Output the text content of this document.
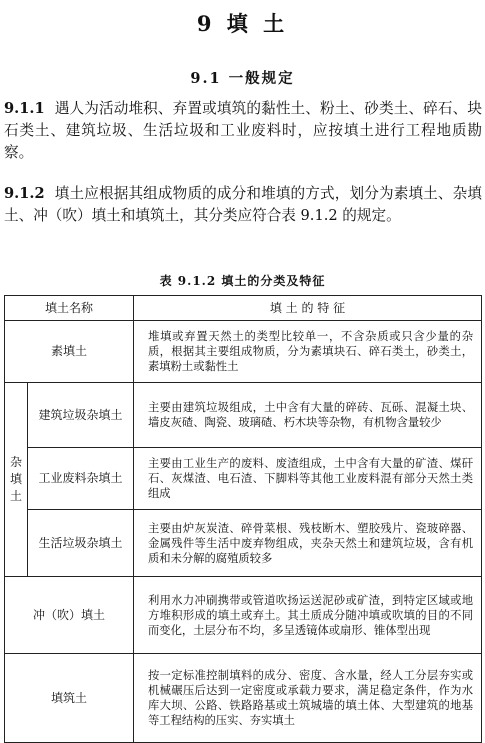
9 填 土
9.1 一般规定
9.1.1 遇人为活动堆积、弃置或填筑的黏性土、粉土、砂类土、碎石、块石类土、建筑垃圾、生活垃圾和工业废料时，应按填土进行工程地质勘察。
9.1.2 填土应根据其组成物质的成分和堆填的方式，划分为素填土、杂填土、冲（吹）填土和填筑土，其分类应符合表 9.1.2 的规定。
表 9.1.2 填土的分类及特征
填土名称		填 土 的 特 征
素填土		堆填或弃置天然土的类型比较单一，不含杂质或只含少量的杂质，根据其主要组成物质，分为素填块石、碎石类土，砂类土，素填粉土或黏性土
杂填土	建筑垃圾杂填土	主要由建筑垃圾组成，土中含有大量的碎砖、瓦砾、混凝土块、墙皮灰碴、陶瓷、玻璃碴、朽木块等杂物，有机物含量较少
	工业废料杂填土	主要由工业生产的废料、废渣组成，土中含有大量的矿渣、煤矸石、灰煤渣、电石渣、下脚料等其他工业废料混有部分天然土类组成
	生活垃圾杂填土	主要由炉灰炭渣、碎骨菜根、残枝断木、塑胶残片、瓷玻碎器、金属残件等生活中废弃物组成，夹杂天然土和建筑垃圾，含有机质和未分解的腐殖质较多
冲（吹）填土		利用水力冲刷携带或管道吹扬运送泥砂或矿渣，到特定区域或地方堆积形成的填土或弃土。其土质成分随冲填或吹填的目的不同而变化，土层分布不均，多呈透镜体或扇形、锥体型出现
填筑土		按一定标准控制填料的成分、密度、含水量，经人工分层夯实或机械碾压后达到一定密度或承载力要求，满足稳定条件，作为水库大坝、公路、铁路路基或土筑城墙的填土体、大型建筑的地基等工程结构的压实、夯实填土
